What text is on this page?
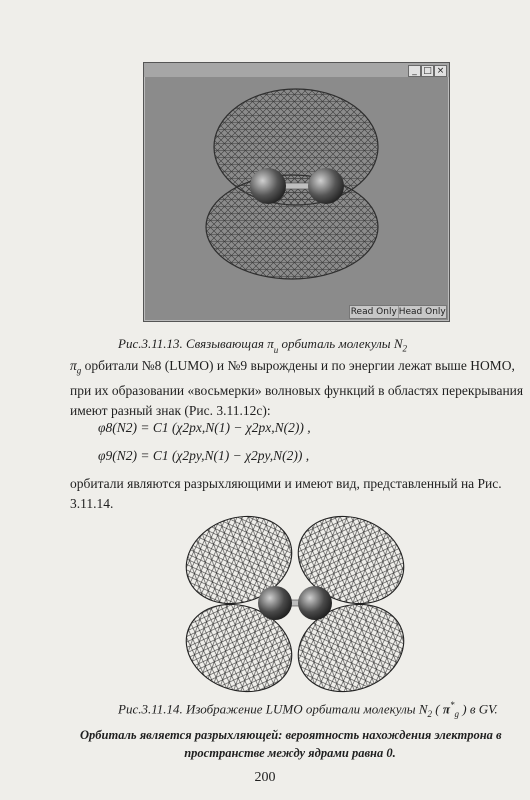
_ □ ×
Read Only Head Only
Рис.3.11.13. Связывающая $\pi_u$ орбиталь молекулы $N_2$
$\pi_g$ орбитали №8 (LUMO) и №9 вырождены и по энергии лежат выше HOMO,
при их образовании «восьмерки» волновых функций в областях перекрывания
имеют разный знак (Рис. 3.11.12c):
φ8(N2) = C1 (χ2px,N(1) − χ2px,N(2)) ,
φ9(N2) = C1 (χ2py,N(1) − χ2py,N(2)) ,
орбитали являются разрыхляющими и имеют вид, представленный на Рис.
3.11.14.
Рис.3.11.14. Изображение LUMO орбитали молекулы $N_2$ ( $\pi^*_g$ ) в GV.
Орбиталь является разрыхляющей: вероятность нахождения электрона в
пространстве между ядрами равна 0.
200
